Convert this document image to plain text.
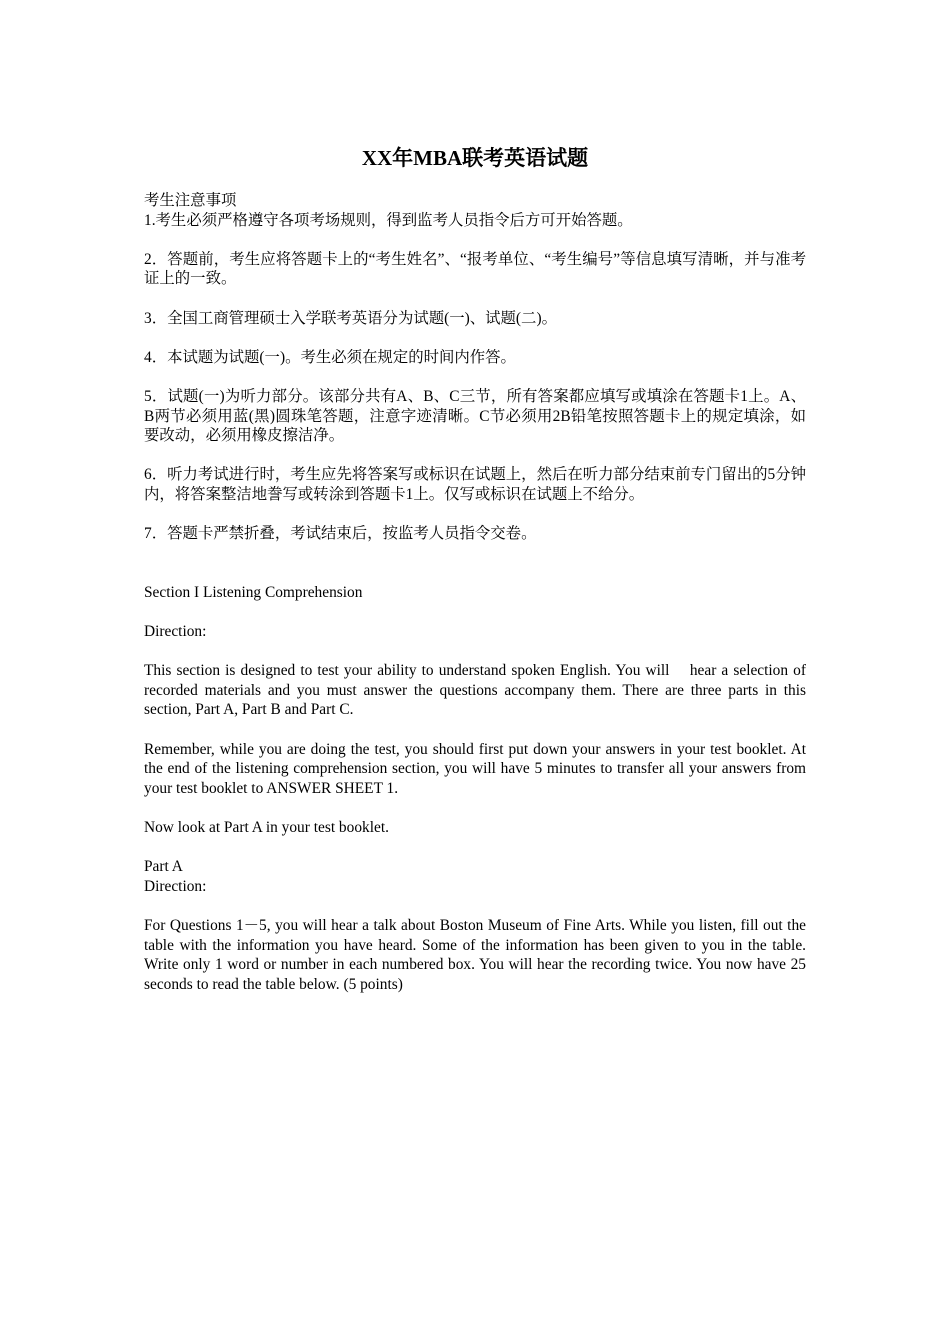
XX年MBA联考英语试题

考生注意事项

1.考生必须严格遵守各项考场规则，得到监考人员指令后方可开始答题。

2．答题前，考生应将答题卡上的“考生姓名”、“报考单位、“考生编号”等信息填写清晰，并与准考证上的一致。

3．全国工商管理硕士入学联考英语分为试题(一)、试题(二)。

4．本试题为试题(一)。考生必须在规定的时间内作答。

5．试题(一)为听力部分。该部分共有A、B、C三节，所有答案都应填写或填涂在答题卡1上。A、B两节必须用蓝(黑)圆珠笔答题，注意字迹清晰。C节必须用2B铅笔按照答题卡上的规定填涂，如要改动，必须用橡皮擦洁净。

6．听力考试进行时，考生应先将答案写或标识在试题上，然后在听力部分结束前专门留出的5分钟内，将答案整洁地誊写或转涂到答题卡1上。仅写或标识在试题上不给分。

7．答题卡严禁折叠，考试结束后，按监考人员指令交卷。

Section I Listening Comprehension

Direction:

This section is designed to test your ability to understand spoken English. You will    hear a selection of recorded materials and you must answer the questions accompany them. There are three parts in this section, Part A, Part B and Part C.

Remember, while you are doing the test, you should first put down your answers in your test booklet. At the end of the listening comprehension section, you will have 5 minutes to transfer all your answers from your test booklet to ANSWER SHEET 1.

Now look at Part A in your test booklet.

Part A

Direction:

For Questions 1－5, you will hear a talk about Boston Museum of Fine Arts. While you listen, fill out the table with the information you have heard. Some of the information has been given to you in the table. Write only 1 word or number in each numbered box. You will hear the recording twice. You now have 25 seconds to read the table below. (5 points)
